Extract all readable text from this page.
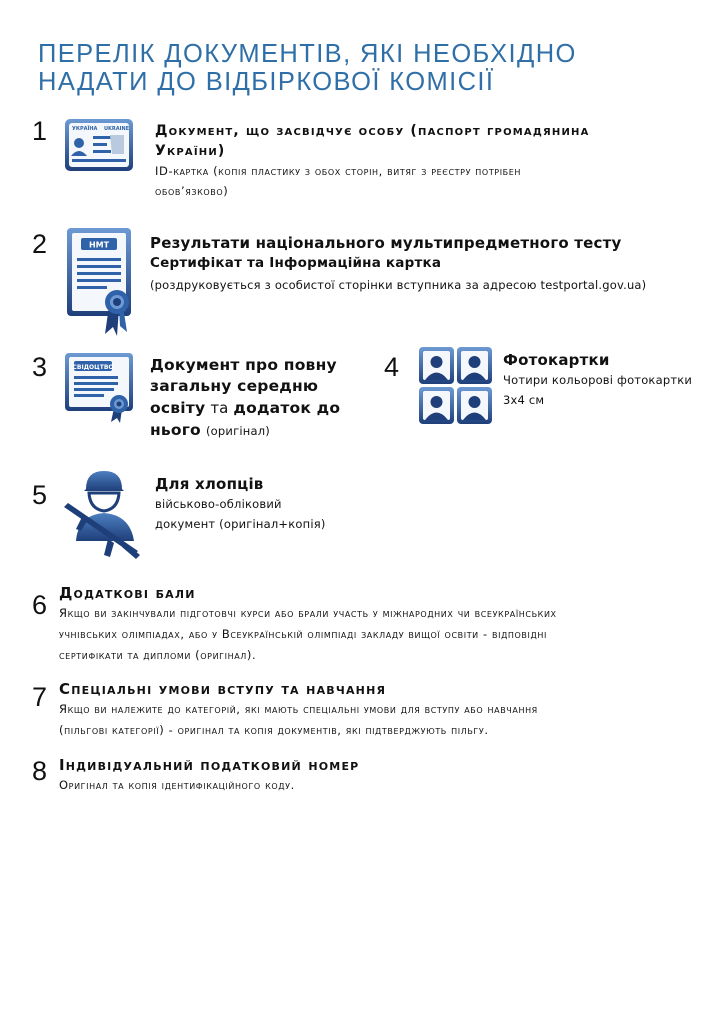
ПЕРЕЛІК ДОКУМЕНТІВ, ЯКІ НЕОБХІДНО
НАДАТИ ДО ВІДБІРКОВОЇ КОМІСІЇ
1	УКРАЇНА UKRAINE Документ, що засвідчує особу (паспорт громадянина
України)
ID-картка (копія пластику з обох сторін, витяг з реєстру потрібен
обов’язково)
2	НМТ	Результати національного мультипредметного тесту
Сертифікат та Інформаційна картка
(роздруковується з особистої сторінки вступника за адресою testportal.gov.ua)
3	СВІДОЦТВО Документ про повну
загальну середню
освіту та додаток до
нього (оригінал)
4	Фотокартки
Чотири кольорові фотокартки
3х4 см
5	Для хлопців
військово-обліковий
документ (оригінал+копія)
6 Додаткові бали
Якщо ви закінчували підготовчі курси або брали участь у міжнародних чи всеукраїнських
учнівських олімпіадах, або у Всеукраїнській олімпіаді закладу вищої освіти - відповідні
сертифікати та дипломи (оригінал).
7 Спеціальні умови вступу та навчання
Якщо ви належите до категорій, які мають спеціальні умови для вступу або навчання
(пільгові категорії) - оригінал та копія документів, які підтверджують пільгу.
8 Індивідуальний податковий номер
Оригінал та копія ідентифікаційного коду.
